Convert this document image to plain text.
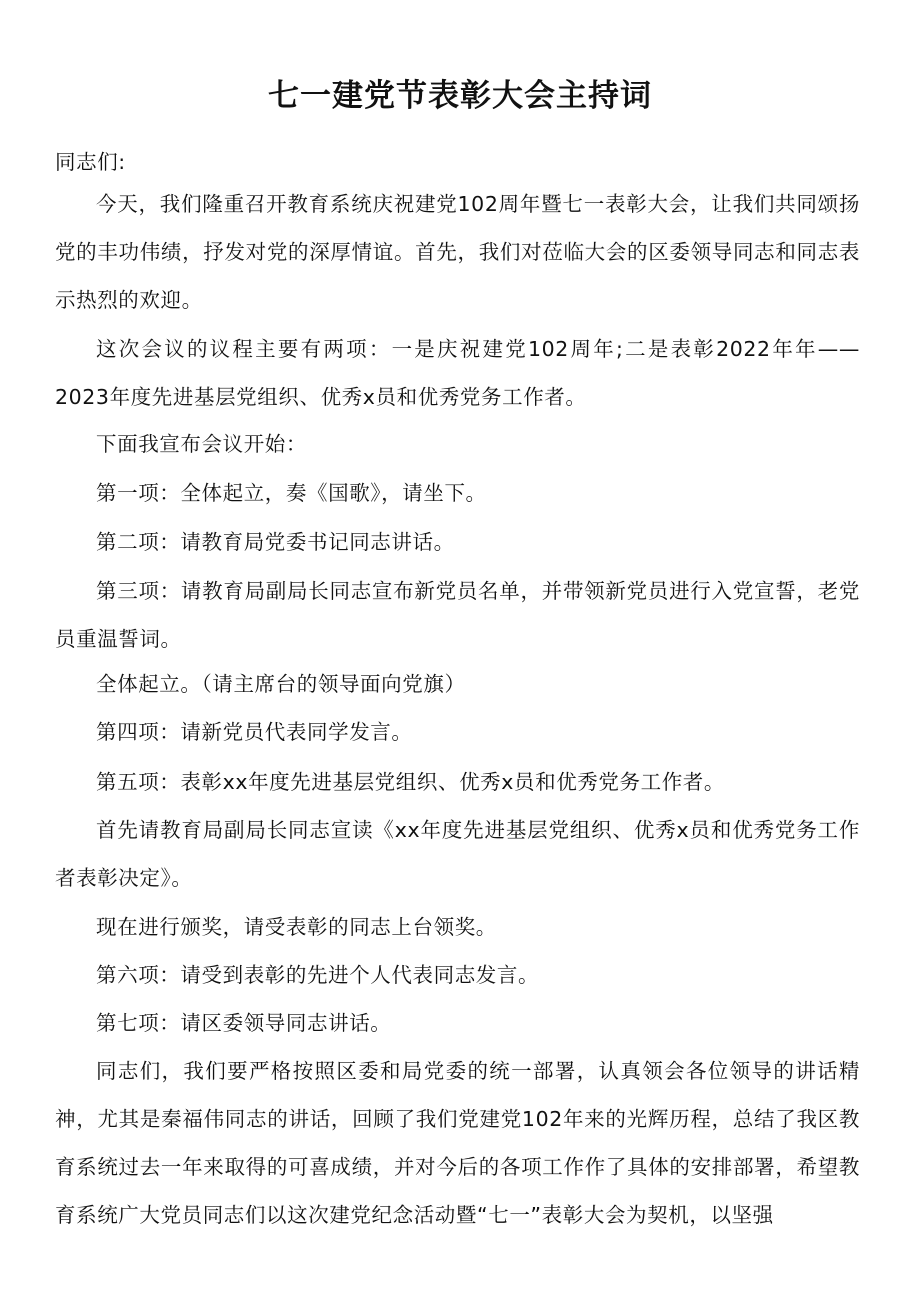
七一建党节表彰大会主持词

同志们:

今天，我们隆重召开教育系统庆祝建党102周年暨七一表彰大会，让我们共同颂扬党的丰功伟绩，抒发对党的深厚情谊。首先，我们对莅临大会的区委领导同志和同志表示热烈的欢迎。

这次会议的议程主要有两项：一是庆祝建党102周年;二是表彰2022年年——2023年度先进基层党组织、优秀x员和优秀党务工作者。

下面我宣布会议开始：

第一项：全体起立，奏《国歌》，请坐下。

第二项：请教育局党委书记同志讲话。

第三项：请教育局副局长同志宣布新党员名单，并带领新党员进行入党宣誓，老党员重温誓词。

全体起立。（请主席台的领导面向党旗）

第四项：请新党员代表同学发言。

第五项：表彰xx年度先进基层党组织、优秀x员和优秀党务工作者。

首先请教育局副局长同志宣读《xx年度先进基层党组织、优秀x员和优秀党务工作者表彰决定》。

现在进行颁奖，请受表彰的同志上台领奖。

第六项：请受到表彰的先进个人代表同志发言。

第七项：请区委领导同志讲话。

同志们，我们要严格按照区委和局党委的统一部署，认真领会各位领导的讲话精神，尤其是秦福伟同志的讲话，回顾了我们党建党102年来的光辉历程，总结了我区教育系统过去一年来取得的可喜成绩，并对今后的各项工作作了具体的安排部署，希望教育系统广大党员同志们以这次建党纪念活动暨“七一”表彰大会为契机，以坚强
